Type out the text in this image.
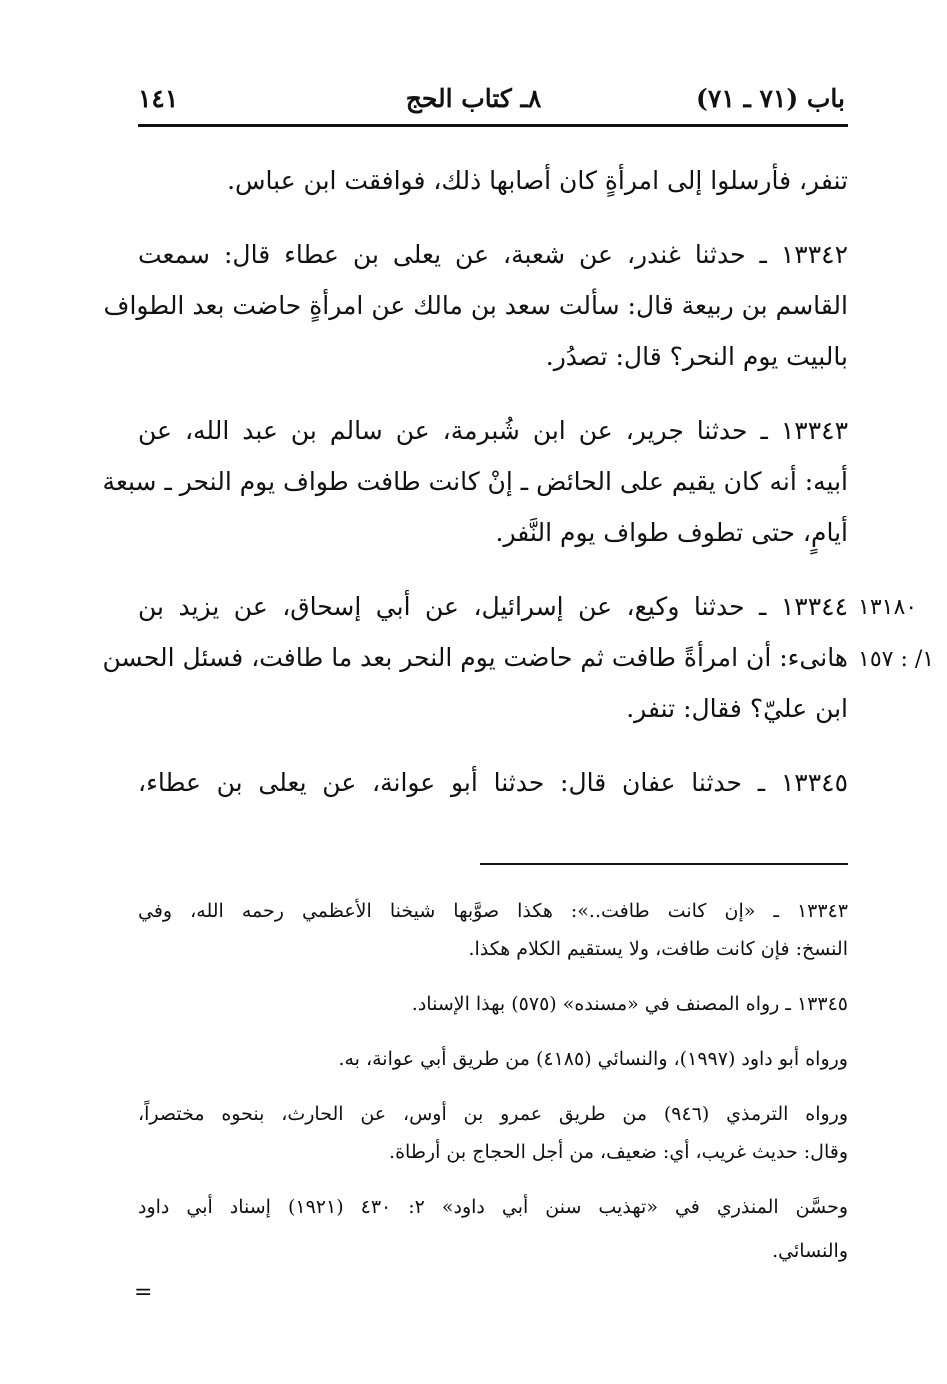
١٤١	٨ـ كتاب الحج	باب (٧١ ـ ٧١)
تنفر، فأرسلوا إلى امرأةٍ كان أصابها ذلك، فوافقت ابن عباس.
١٣٣٤٢ ـ حدثنا غندر، عن شعبة، عن يعلى بن عطاء قال: سمعت
القاسم بن ربيعة قال: سألت سعد بن مالك عن امرأةٍ حاضت بعد الطواف
بالبيت يوم النحر؟ قال: تصدُر.
١٣٣٤٣ ـ حدثنا جرير، عن ابن شُبرمة، عن سالم بن عبد الله، عن
أبيه: أنه كان يقيم على الحائض ـ إنْ كانت طافت طواف يوم النحر ـ سبعة
أيامٍ، حتى تطوف طواف يوم النَّفر.
١٣٣٤٤ ـ حدثنا وكيع، عن إسرائيل، عن أبي إسحاق، عن يزيد بن
هانىء: أن امرأةً طافت ثم حاضت يوم النحر بعد ما طافت، فسئل الحسن
ابن عليّ؟ فقال: تنفر.
١٣٣٤٥ ـ حدثنا عفان قال: حدثنا أبو عوانة، عن يعلى بن عطاء،
١٣١٨٠
١/ : ١٥٧
١٣٣٤٣ ـ «إن كانت طافت..»: هكذا صوَّبها شيخنا الأعظمي رحمه الله، وفي
النسخ: فإن كانت طافت، ولا يستقيم الكلام هكذا.
١٣٣٤٥ ـ رواه المصنف في «مسنده» (٥٧٥) بهذا الإسناد.
ورواه أبو داود (١٩٩٧)، والنسائي (٤١٨٥) من طريق أبي عوانة، به.
ورواه الترمذي (٩٤٦) من طريق عمرو بن أوس، عن الحارث، بنحوه مختصراً،
وقال: حديث غريب، أي: ضعيف، من أجل الحجاج بن أرطاة.
وحسَّن المنذري في «تهذيب سنن أبي داود» ٢: ٤٣٠ (١٩٢١) إسناد أبي داود
والنسائي.
=
